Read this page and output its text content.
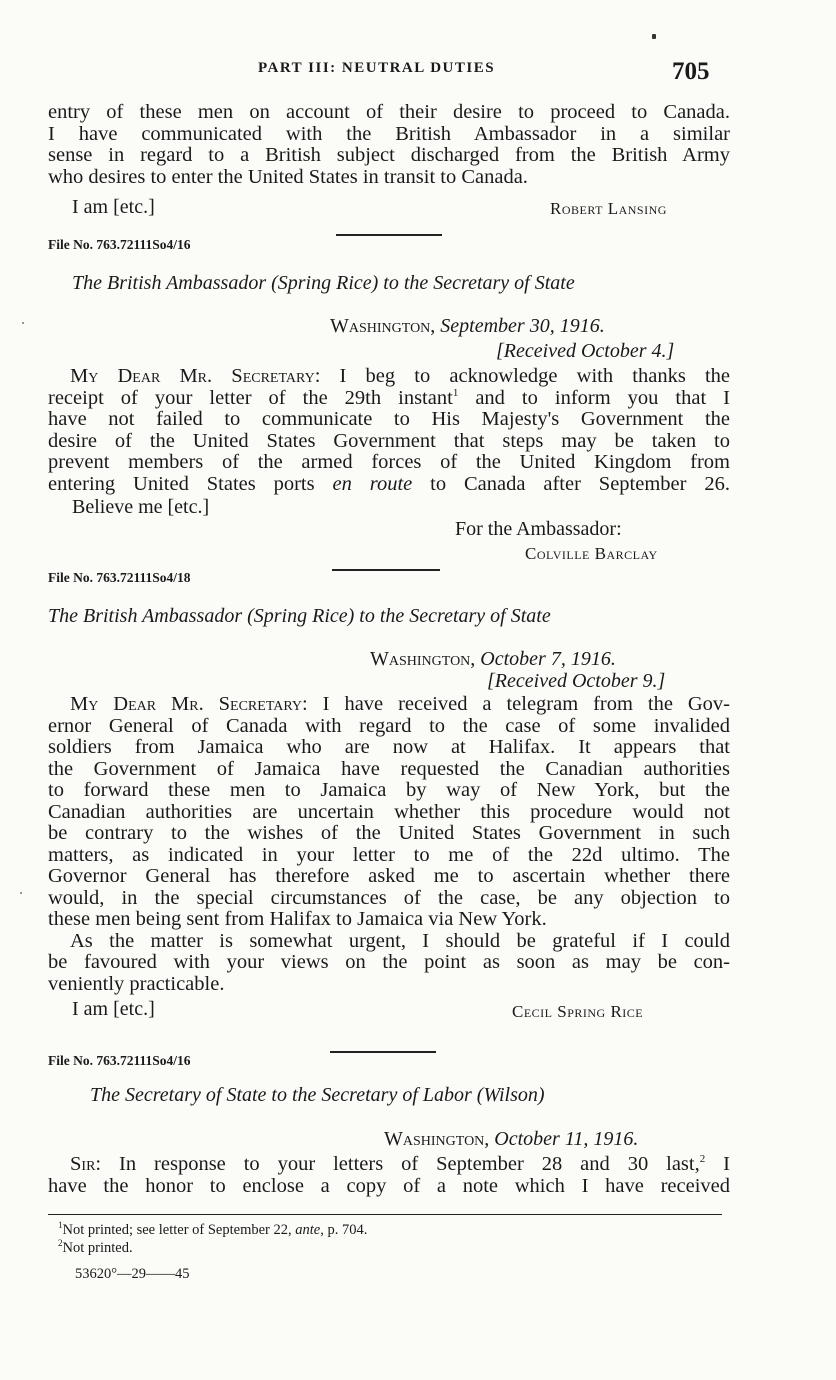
PART III: NEUTRAL DUTIES	705
entry of these men on account of their desire to proceed to Canada.
I have communicated with the British Ambassador in a similar
sense in regard to a British subject discharged from the British Army
who desires to enter the United States in transit to Canada.
I am [etc.]	Robert Lansing
File No. 763.72111So4/16
The British Ambassador (Spring Rice) to the Secretary of State
Washington, September 30, 1916.
[Received October 4.]
My Dear Mr. Secretary: I beg to acknowledge with thanks the
receipt of your letter of the 29th instant$^1$ and to inform you that I
have not failed to communicate to His Majesty's Government the
desire of the United States Government that steps may be taken to
prevent members of the armed forces of the United Kingdom from
entering United States ports en route to Canada after September 26.
Believe me [etc.]
For the Ambassador:
Colville Barclay
File No. 763.72111So4/18
The British Ambassador (Spring Rice) to the Secretary of State
Washington, October 7, 1916.
[Received October 9.]
My Dear Mr. Secretary: I have received a telegram from the Gov-
ernor General of Canada with regard to the case of some invalided
soldiers from Jamaica who are now at Halifax. It appears that
the Government of Jamaica have requested the Canadian authorities
to forward these men to Jamaica by way of New York, but the
Canadian authorities are uncertain whether this procedure would not
be contrary to the wishes of the United States Government in such
matters, as indicated in your letter to me of the 22d ultimo. The
Governor General has therefore asked me to ascertain whether there
would, in the special circumstances of the case, be any objection to
these men being sent from Halifax to Jamaica via New York.
As the matter is somewhat urgent, I should be grateful if I could
be favoured with your views on the point as soon as may be con-
veniently practicable.
I am [etc.]	Cecil Spring Rice
File No. 763.72111So4/16
The Secretary of State to the Secretary of Labor (Wilson)
Washington, October 11, 1916.
Sir: In response to your letters of September 28 and 30 last,$^2$ I
have the honor to enclose a copy of a note which I have received
$^1$Not printed; see letter of September 22, ante, p. 704.
$^2$Not printed.
53620°—29——45
